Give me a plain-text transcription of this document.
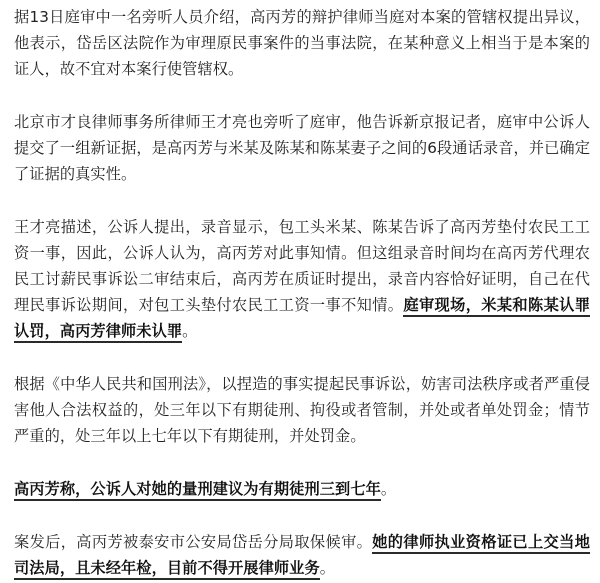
据13日庭审中一名旁听人员介绍，高丙芳的辩护律师当庭对本案的管辖权提出异议，他表示，岱岳区法院作为审理原民事案件的当事法院，在某种意义上相当于是本案的证人，故不宜对本案行使管辖权。

北京市才良律师事务所律师王才亮也旁听了庭审，他告诉新京报记者，庭审中公诉人提交了一组新证据，是高丙芳与米某及陈某和陈某妻子之间的6段通话录音，并已确定了证据的真实性。

王才亮描述，公诉人提出，录音显示，包工头米某、陈某告诉了高丙芳垫付农民工工资一事，因此，公诉人认为，高丙芳对此事知情。但这组录音时间均在高丙芳代理农民工讨薪民事诉讼二审结束后，高丙芳在质证时提出，录音内容恰好证明，自己在代理民事诉讼期间，对包工头垫付农民工工资一事不知情。庭审现场，米某和陈某认罪认罚，高丙芳律师未认罪。

根据《中华人民共和国刑法》，以捏造的事实提起民事诉讼，妨害司法秩序或者严重侵害他人合法权益的，处三年以下有期徒刑、拘役或者管制，并处或者单处罚金；情节严重的，处三年以上七年以下有期徒刑，并处罚金。

高丙芳称，公诉人对她的量刑建议为有期徒刑三到七年。

案发后，高丙芳被泰安市公安局岱岳分局取保候审。她的律师执业资格证已上交当地司法局，且未经年检，目前不得开展律师业务。
